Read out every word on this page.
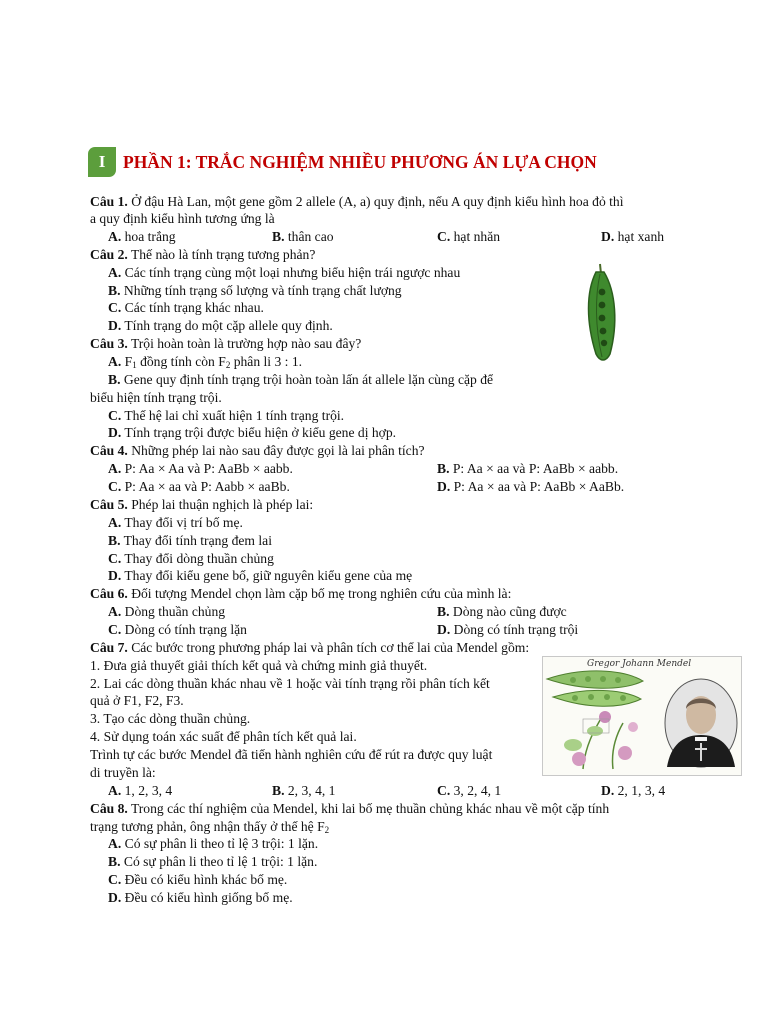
I	PHẦN 1: TRẮC NGHIỆM NHIỀU PHƯƠNG ÁN LỰA CHỌN
Câu 1. Ở đậu Hà Lan, một gene gồm 2 allele (A, a) quy định, nếu A quy định kiểu hình hoa đỏ thì
a quy định kiểu hình tương ứng là
A. hoa trắng	B. thân cao	C. hạt nhăn	D. hạt xanh
Câu 2. Thế nào là tính trạng tương phản?
A. Các tính trạng cùng một loại nhưng biểu hiện trái ngược nhau
B. Những tính trạng số lượng và tính trạng chất lượng
C. Các tính trạng khác nhau.
D. Tính trạng do một cặp allele quy định.
Câu 3. Trội hoàn toàn là trường hợp nào sau đây?
A. $F_1$ đồng tính còn $F_2$ phân li 3 : 1.
B. Gene quy định tính trạng trội hoàn toàn lấn át allele lặn cùng cặp để
biểu hiện tính trạng trội.
C. Thế hệ lai chỉ xuất hiện 1 tính trạng trội.
D. Tính trạng trội được biểu hiện ở kiểu gene dị hợp.
Câu 4. Những phép lai nào sau đây được gọi là lai phân tích?
A. P: Aa × Aa và P: AaBb × aabb.	B. P: Aa × aa và P: AaBb × aabb.
C. P: Aa × aa và P: Aabb × aaBb.	D. P: Aa × aa và P: AaBb × AaBb.
Câu 5. Phép lai thuận nghịch là phép lai:
A. Thay đổi vị trí bố mẹ.
B. Thay đổi tính trạng đem lai
C. Thay đổi dòng thuần chủng
D. Thay đổi kiểu gene bố, giữ nguyên kiểu gene của mẹ
Câu 6. Đối tượng Mendel chọn làm cặp bố mẹ trong nghiên cứu của mình là:
A. Dòng thuần chủng	B. Dòng nào cũng được
C. Dòng có tính trạng lặn	D. Dòng có tính trạng trội
Câu 7. Các bước trong phương pháp lai và phân tích cơ thể lai của Mendel gồm:
1. Đưa giả thuyết giải thích kết quả và chứng minh giả thuyết.
2. Lai các dòng thuần khác nhau về 1 hoặc vài tính trạng rồi phân tích kết
quả ở F1, F2, F3.
3. Tạo các dòng thuần chủng.
4. Sử dụng toán xác suất để phân tích kết quả lai.
Trình tự các bước Mendel đã tiến hành nghiên cứu để rút ra được quy luật
di truyền là:
A. 1, 2, 3, 4	B. 2, 3, 4, 1	C. 3, 2, 4, 1	D. 2, 1, 3, 4
Gregor Johann Mendel
Câu 8. Trong các thí nghiệm của Mendel, khi lai bố mẹ thuần chủng khác nhau về một cặp tính
trạng tương phản, ông nhận thấy ở thế hệ $F_2$
A. Có sự phân li theo tỉ lệ 3 trội: 1 lặn.
B. Có sự phân li theo tỉ lệ 1 trội: 1 lặn.
C. Đều có kiểu hình khác bố mẹ.
D. Đều có kiểu hình giống bố mẹ.
